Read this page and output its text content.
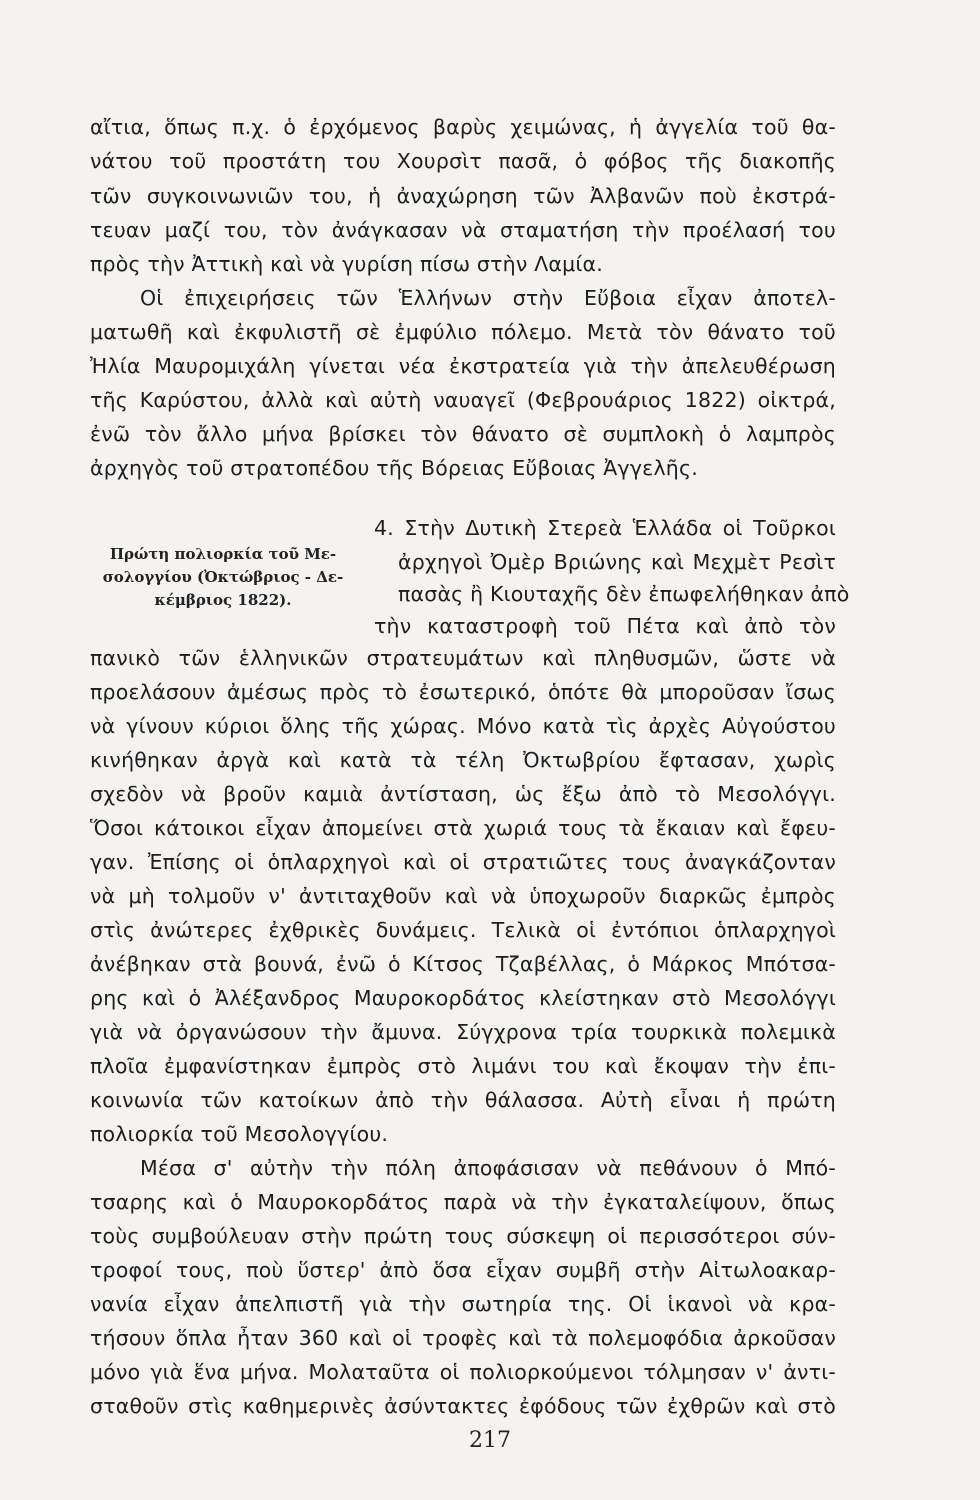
αἴτια, ὅπως π.χ. ὁ ἐρχόμενος βαρὺς χειμώνας, ἡ ἀγγελία τοῦ θα-
νάτου τοῦ προστάτη του Χουρσὶτ πασᾶ, ὁ φόβος τῆς διακοπῆς
τῶν συγκοινωνιῶν του, ἡ ἀναχώρηση τῶν Ἀλβανῶν ποὺ ἐκστρά-
τευαν μαζί του, τὸν ἀνάγκασαν νὰ σταματήση τὴν προέλασή του
πρὸς τὴν Ἀττικὴ καὶ νὰ γυρίση πίσω στὴν Λαμία.
Οἱ ἐπιχειρήσεις τῶν Ἑλλήνων στὴν Εὔβοια εἶχαν ἀποτελ-
ματωθῆ καὶ ἐκφυλιστῆ σὲ ἐμφύλιο πόλεμο. Μετὰ τὸν θάνατο τοῦ
Ἠλία Μαυρομιχάλη γίνεται νέα ἐκστρατεία γιὰ τὴν ἀπελευθέρωση
τῆς Καρύστου, ἀλλὰ καὶ αὐτὴ ναυαγεῖ (Φεβρουάριος 1822) οἰκτρά,
ἐνῶ τὸν ἄλλο μήνα βρίσκει τὸν θάνατο σὲ συμπλοκὴ ὁ λαμπρὸς
ἀρχηγὸς τοῦ στρατοπέδου τῆς Βόρειας Εὔβοιας Ἀγγελῆς.
Πρώτη πολιορκία τοῦ Με-
σολογγίου (Ὀκτώβριος - Δε-
κέμβριος 1822).
4. Στὴν Δυτικὴ Στερεὰ Ἑλλάδα οἱ Τοῦρκοι
ἀρχηγοὶ Ὀμὲρ Βριώνης καὶ Μεχμὲτ Ρεσὶτ
πασὰς ἢ Κιουταχῆς δὲν ἐπωφελήθηκαν ἀπὸ
τὴν καταστροφὴ τοῦ Πέτα καὶ ἀπὸ τὸν
πανικὸ τῶν ἑλληνικῶν στρατευμάτων καὶ πληθυσμῶν, ὥστε νὰ
προελάσουν ἀμέσως πρὸς τὸ ἐσωτερικό, ὁπότε θὰ μποροῦσαν ἴσως
νὰ γίνουν κύριοι ὅλης τῆς χώρας. Μόνο κατὰ τὶς ἀρχὲς Αὐγούστου
κινήθηκαν ἀργὰ καὶ κατὰ τὰ τέλη Ὀκτωβρίου ἔφτασαν, χωρὶς
σχεδὸν νὰ βροῦν καμιὰ ἀντίσταση, ὡς ἔξω ἀπὸ τὸ Μεσολόγγι.
Ὅσοι κάτοικοι εἶχαν ἀπομείνει στὰ χωριά τους τὰ ἔκαιαν καὶ ἔφευ-
γαν. Ἐπίσης οἱ ὁπλαρχηγοὶ καὶ οἱ στρατιῶτες τους ἀναγκάζονταν
νὰ μὴ τολμοῦν ν' ἀντιταχθοῦν καὶ νὰ ὑποχωροῦν διαρκῶς ἐμπρὸς
στὶς ἀνώτερες ἐχθρικὲς δυνάμεις. Τελικὰ οἱ ἐντόπιοι ὁπλαρχηγοὶ
ἀνέβηκαν στὰ βουνά, ἐνῶ ὁ Κίτσος Τζαβέλλας, ὁ Μάρκος Μπότσα-
ρης καὶ ὁ Ἀλέξανδρος Μαυροκορδάτος κλείστηκαν στὸ Μεσολόγγι
γιὰ νὰ ὀργανώσουν τὴν ἄμυνα. Σύγχρονα τρία τουρκικὰ πολεμικὰ
πλοῖα ἐμφανίστηκαν ἐμπρὸς στὸ λιμάνι του καὶ ἔκοψαν τὴν ἐπι-
κοινωνία τῶν κατοίκων ἀπὸ τὴν θάλασσα. Αὐτὴ εἶναι ἡ πρώτη
πολιορκία τοῦ Μεσολογγίου.
Μέσα σ' αὐτὴν τὴν πόλη ἀποφάσισαν νὰ πεθάνουν ὁ Μπό-
τσαρης καὶ ὁ Μαυροκορδάτος παρὰ νὰ τὴν ἐγκαταλείψουν, ὅπως
τοὺς συμβούλευαν στὴν πρώτη τους σύσκεψη οἱ περισσότεροι σύν-
τροφοί τους, ποὺ ὕστερ' ἀπὸ ὅσα εἶχαν συμβῆ στὴν Αἰτωλοακαρ-
νανία εἶχαν ἀπελπιστῆ γιὰ τὴν σωτηρία της. Οἱ ἱκανοὶ νὰ κρα-
τήσουν ὅπλα ἦταν 360 καὶ οἱ τροφὲς καὶ τὰ πολεμοφόδια ἀρκοῦσαν
μόνο γιὰ ἕνα μήνα. Μολαταῦτα οἱ πολιορκούμενοι τόλμησαν ν' ἀντι-
σταθοῦν στὶς καθημερινὲς ἀσύντακτες ἐφόδους τῶν ἐχθρῶν καὶ στὸ
217
